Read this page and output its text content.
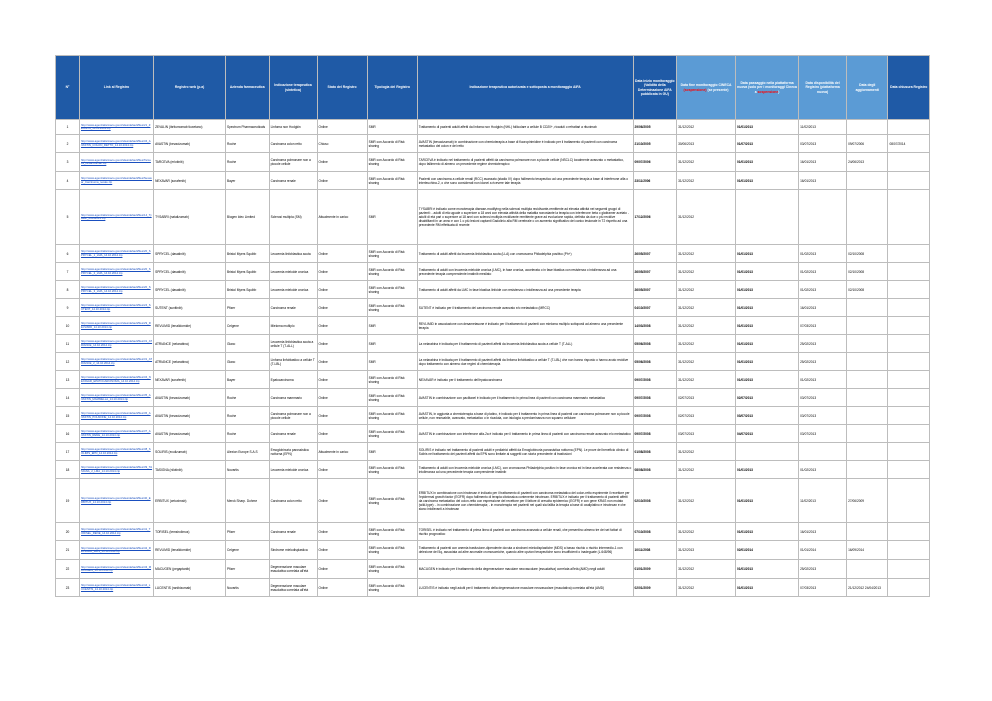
N°	Link al Registro	Registro web (p.a)	Azienda farmaceutica	Indicazione terapeutica (sintetica)	Stato del Registro	Tipologia del Registro	Indicazione terapeutica autorizzata e sottoposta a monitoraggio AIFA	Data inizio monitoraggio (Validità della Determinazione AIFA pubblicata in GU)	Data fine monitoraggio CINECA (sospensione) (se presente)	Data passaggio nella piattaforma nuova (solo per i monitoraggi Cineca a sospensione)	Data disponibilità del Registro (piattaforma nuova)	Data degli aggiornamenti	Data chiusura Registro
1	http://www.agenziafarmaco.gov.it/sites/default/files/21_ZEVALIN_14.10.2014.zip	ZEVALIN (ibritumomab tiuxetano)	Spectrum Pharmaceuticals	Linfoma non Hodgkin	Online	SMR	Trattamento di pazienti adulti affetti da linfoma non Hodgkin (NHL) follicolare a cellule B CD20+, ricaduti o refrattari a rituximab	29/06/2005	31/12/2012	01/01/2013	11/02/2013		
2	http://www.agenziafarmaco.gov.it/sites/default/files/34_AVASTIN_COLON_RETTO_14.10.2014.zip	AVASTIN (bevacizumab)	Roche	Carcinoma colon retto	Chiuso	SMR con Accordo di Risk sharing	AVASTIN (bevacizumab) in combinazione con chemioterapia a base di fluoropirimidine è indicato per il trattamento di pazienti con carcinoma metastatico del colon e del retto	21/10/2005	30/06/2013	01/07/2013	03/07/2013	09/07/2006	08/07/2014
3	http://www.agenziafarmaco.gov.it/sites/default/files/Tarceva_bevacizumab.zip	TARCEVA (erlotinib)	Roche	Carcinoma polmonare non a piccole cellule	Online	SMR con Accordo di Risk sharing	TARCEVA è indicato nel trattamento di pazienti affetti da carcinoma polmonare non a piccole cellule (NSCLC) localmente avanzato o metastatico, dopo fallimento di almeno un precedente regime chemioterapico	09/07/2006	31/12/2012	01/01/2013	16/01/2013	24/06/2013	
4	http://www.agenziafarmaco.gov.it/sites/default/files/Nexavar_Carcinoma_renale.zip	NEXAVAR (sorafenib)	Bayer	Carcinoma renale	Online	SMR con Accordo di Risk sharing	Pazienti con carcinoma a cellule renali (RCC) avanzato (stadio IV) dopo fallimento terapeutico ad una precedente terapia a base di interferone alfa o interleuchina-2, o che sono considerati non idonei a ricevere tale terapia	23/11/2006	31/12/2012	01/01/2013	16/01/2013		
5	http://www.agenziafarmaco.gov.it/sites/default/files/14_Tysabri_09042014.zip	TYSABRI (natalizumab)	Biogen Idec Limited	Sclerosi multipla (SM)	Attualmente in carico	SMR	TYSABRI è indicato come monoterapia disease-modifying nella sclerosi multipla recidivante-remittente ad elevata attività nei seguenti gruppi di pazienti: - adulti di età uguale o superiore a 18 anni con elevata attività della malattia nonostante la terapia con interferone beta o glatiramer acetato - adulti di età pari o superiore ai 18 anni con sclerosi multipla recidivante remittente grave ad evoluzione rapida, definita da due o più recidive disabilitanti in un anno e con 1 o più lesioni captanti Gadolinio alla RM cerebrale o un aumento significativo del carico lesionale in T2 rispetto ad una precedente RM effettuata di recente	17/12/2006	31/12/2012				
6	http://www.agenziafarmaco.gov.it/sites/default/files/20_SPRYCEL_1_LMA_14.10.2014.zip	SPRYCEL (dasatinib)	Bristol Myers Squibb	Leucemia linfoblastica acuta	Online	SMR con Accordo di Risk sharing	Trattamento di adulti affetti da leucemia linfoblastica acuta (LLA) con cromosoma Philadelphia positivo (Ph+)	26/05/2007	31/12/2012	01/01/2013	01/02/2013	02/10/2008	
7	http://www.agenziafarmaco.gov.it/sites/default/files/20_SPRYCEL_2_LMA_14.10.2014.zip	SPRYCEL (dasatinib)	Bristol Myers Squibb	Leucemia mieloide cronica	Online	SMR con Accordo di Risk sharing	Trattamento di adulti con leucemia mieloide cronica (LMC), in fase cronica, accelerata o in fase blastica con resistenza o intolleranza ad una precedente terapia comprendente imatinib mesilato	26/05/2007	31/12/2012	01/01/2013	01/02/2013	02/10/2008	
8	http://www.agenziafarmaco.gov.it/sites/default/files/20_SPRYCEL_3_LMA_14.10.2014.zip	SPRYCEL (dasatinib)	Bristol Myers Squibb	Leucemia mieloide cronica	Online	SMR con Accordo di Risk sharing	Trattamento di adulti affetti da LMC in fase blastica linfoide con resistenza o intolleranza ad una precedente terapia	26/05/2007	31/12/2012	01/01/2013	01/02/2013	02/10/2008	
9	http://www.agenziafarmaco.gov.it/sites/default/files/24_SUTENT_14.10.2014.zip	SUTENT (sunitinib)	Pfizer	Carcinoma renale	Online	SMR con Accordo di Risk sharing	SUTENT è indicato per il trattamento del carcinoma renale avanzato e/o metastatico (MRCC)	04/10/2007	31/12/2012	01/01/2013	16/01/2013		
10	http://www.agenziafarmaco.gov.it/sites/default/files/29_REVLIMID_14.10.2014.zip	REVLIMID (lenalidomide)	Celgene	Mieloma multiplo	Online	SMR	REVLIMID in associazione con desametasone è indicato per il trattamento di pazienti con mieloma multiplo sottoposti ad almeno una precedente terapia	14/03/2008	31/12/2012	01/01/2013	07/03/2013		
11	http://www.agenziafarmaco.gov.it/sites/default/files/31_ATRIANCE_14.10.2014.zip	ATRIANCE (nelarabina)	Glaxo	Leucemia linfoblastica acuta a cellule T (T-ALL)	Online	SMR	La nelarabina è indicata per il trattamento di pazienti affetti da leucemia linfoblastica acuta a cellule T (T-ALL)	05/06/2008	31/12/2012	01/01/2013	25/02/2013		
12	http://www.agenziafarmaco.gov.it/sites/default/files/31_ATRIANCE_2_14.10.2014.zip	ATRIANCE (nelarabina)	Glaxo	Linfoma linfoblastico a cellule T (T-LBL)	Online	SMR	La nelarabina è indicata per il trattamento di pazienti affetti da linfoma linfoblastico a cellule T (T-LBL) che non hanno risposto o hanno avuto recidive dopo trattamento con almeno due regimi di chemioterapia	05/06/2008	31/12/2012	01/01/2013	25/02/2013		
13	http://www.agenziafarmaco.gov.it/sites/default/files/34_NEXAVAR_EPATOCARCINOMA_14.10.2014.zip	NEXAVAR (sorafenib)	Bayer	Epatocarcinoma	Online	SMR con Accordo di Risk sharing	NEXAVAR è indicato per il trattamento dell'epatocarcinoma	09/07/2008	31/12/2012	01/01/2013	01/02/2013		
14	http://www.agenziafarmaco.gov.it/sites/default/files/35_AVASTIN_MAMMELLA_14.10.2014.zip	AVASTIN (bevacizumab)	Roche	Carcinoma mammario	Online	SMR con Accordo di Risk sharing	AVASTIN in combinazione con paclitaxel è indicato per il trattamento in prima linea di pazienti con carcinoma mammario metastatico	09/07/2008	02/07/2013	02/07/2013	03/07/2013		
15	http://www.agenziafarmaco.gov.it/sites/default/files/36_AVASTIN_POLMONE_14.10.2014.zip	AVASTIN (bevacizumab)	Roche	Carcinoma polmonare non a piccole cellule	Online	SMR con Accordo di Risk sharing	AVASTIN, in aggiunta a chemioterapia a base di platino, è indicato per il trattamento in prima linea di pazienti con carcinoma polmonare non a piccole cellule, non resecabile, avanzato, metastatico o in ricaduta, con istologia a predominanza non squamo cellulare	09/07/2008	02/07/2013	03/07/2013	03/07/2013		
16	http://www.agenziafarmaco.gov.it/sites/default/files/37_AVASTIN_RENE_14.10.2014.zip	AVASTIN (bevacizumab)	Roche	Carcinoma renale	Online	SMR con Accordo di Risk sharing	AVASTIN in combinazione con interferone alfa-2a è indicato per il trattamento in prima linea di pazienti con carcinoma renale avanzato e/o metastatico	09/07/2008	03/07/2013	04/07/2013	03/07/2013		
17	http://www.agenziafarmaco.gov.it/sites/default/files/38_SOLIRIS_EPN_14.10.2014.zip	SOLIRIS (eculizumab)	Alexion Europe S.A.S	Emoglobinuria parossistica notturna (EPN)	Attualmente in carico	SMR	SOLIRIS è indicato nel trattamento di pazienti adulti e pediatrici affetti da Emoglobinuria parossistica notturna (EPN). Le prove del beneficio clinico di Soliris nel trattamento dei pazienti affetti da EPN sono limitate ai soggetti con storia precedente di trasfusioni	01/08/2008	31/12/2012				
18	http://www.agenziafarmaco.gov.it/sites/default/files/39_TASIGNA_2_LMA_14.10.2014.zip	TASIGNA (nilotinib)	Novartis	Leucemia mieloide cronica	Online	SMR con Accordo di Risk sharing	Trattamento di adulti con leucemia mieloide cronica (LMC), con cromosoma Philadelphia positivo in fase cronica ed in fase accelerata con resistenza o intolleranza ad una precedente terapia comprendente imatinib	08/08/2008	31/12/2012	01/01/2013	01/02/2013		
19	http://www.agenziafarmaco.gov.it/sites/default/files/40_ERBITUX_14.10.2014.zip	ERBITUX (cetuximab)	Merck Sharp. Dohme	Carcinoma colon retto	Online	SMR con Accordo di Risk sharing	ERBITUX in combinazione con irinotecan è indicato per il trattamento di pazienti con carcinoma metastatico del colon-retto esprimente il recettore per l'epidermal growth factor (EGFR) dopo fallimento di terapia citotossica contenente irinotecan. ERBITUX è indicato per il trattamento di pazienti affetti da carcinoma metastatico del colon-retto con espressione del recettore per il fattore di crescita epidermico (EGFR) e con gene KRAS non mutato (wild-type): - in combinazione con chemioterapia; - in monoterapia nei pazienti nei quali sia fallita la terapia a base di oxaliplatino e irinotecan e che siano intolleranti a irinotecan	02/10/2008	31/12/2012	01/01/2013	11/02/2013	27/06/2009	
20	http://www.agenziafarmaco.gov.it/sites/default/files/41_TORISEL_RENE_14.10.2014.zip	TORISEL (temsirolimus)	Pfizer	Carcinoma renale	Online	SMR con Accordo di Risk sharing	TORISEL è indicato nel trattamento di prima linea di pazienti con carcinoma avanzato a cellule renali, che presentino almeno tre dei sei fattori di rischio prognostico	07/10/2008	31/12/2012	01/01/2013	16/01/2013		
21	http://www.agenziafarmaco.gov.it/sites/default/files/42_REVLIMID_MDS_14.10.2014.zip	REVLIMID (lenalidomide)	Celgene	Sindrome mielodisplastica	Online	SMR con Accordo di Risk sharing	Trattamento di pazienti con anemia trasfusione-dipendente dovuta a sindromi mielodisplastiche (MDS) a basso rischio o rischio intermedio-1 con delezione del 5q, associata ad altre anomalie cromosomiche, quando altre opzioni terapeutiche sono insufficienti o inadeguate (L.648/96)	10/11/2008	31/12/2013	02/01/2014	01/01/2014	16/09/2014	
22	http://www.agenziafarmaco.gov.it/sites/default/files/43_MACUGEN_14.10.2014.zip	MACUGEN (pegaptanib)	Pfizer	Degenerazione maculare essudativa correlata all'età	Online	SMR con Accordo di Risk sharing	MACUGEN è indicato per il trattamento della degenerazione maculare neovascolare (essudativa) correlata all'età (AMD) negli adulti	01/01/2009	31/12/2012	01/01/2013	25/02/2013		
23	http://www.agenziafarmaco.gov.it/sites/default/files/44_LUCENTIS_14.10.2014.zip	LUCENTIS (ranibizumab)	Novartis	Degenerazione maculare essudativa correlata all'età	Online	SMR con Accordo di Risk sharing	LUCENTIS è indicato negli adulti per il trattamento della degenerazione maculare neovascolare (essudativa) correlata all'età (AMD)	02/01/2009	31/12/2012	01/01/2013	07/03/2013	21/12/2012 24/04/2013	
